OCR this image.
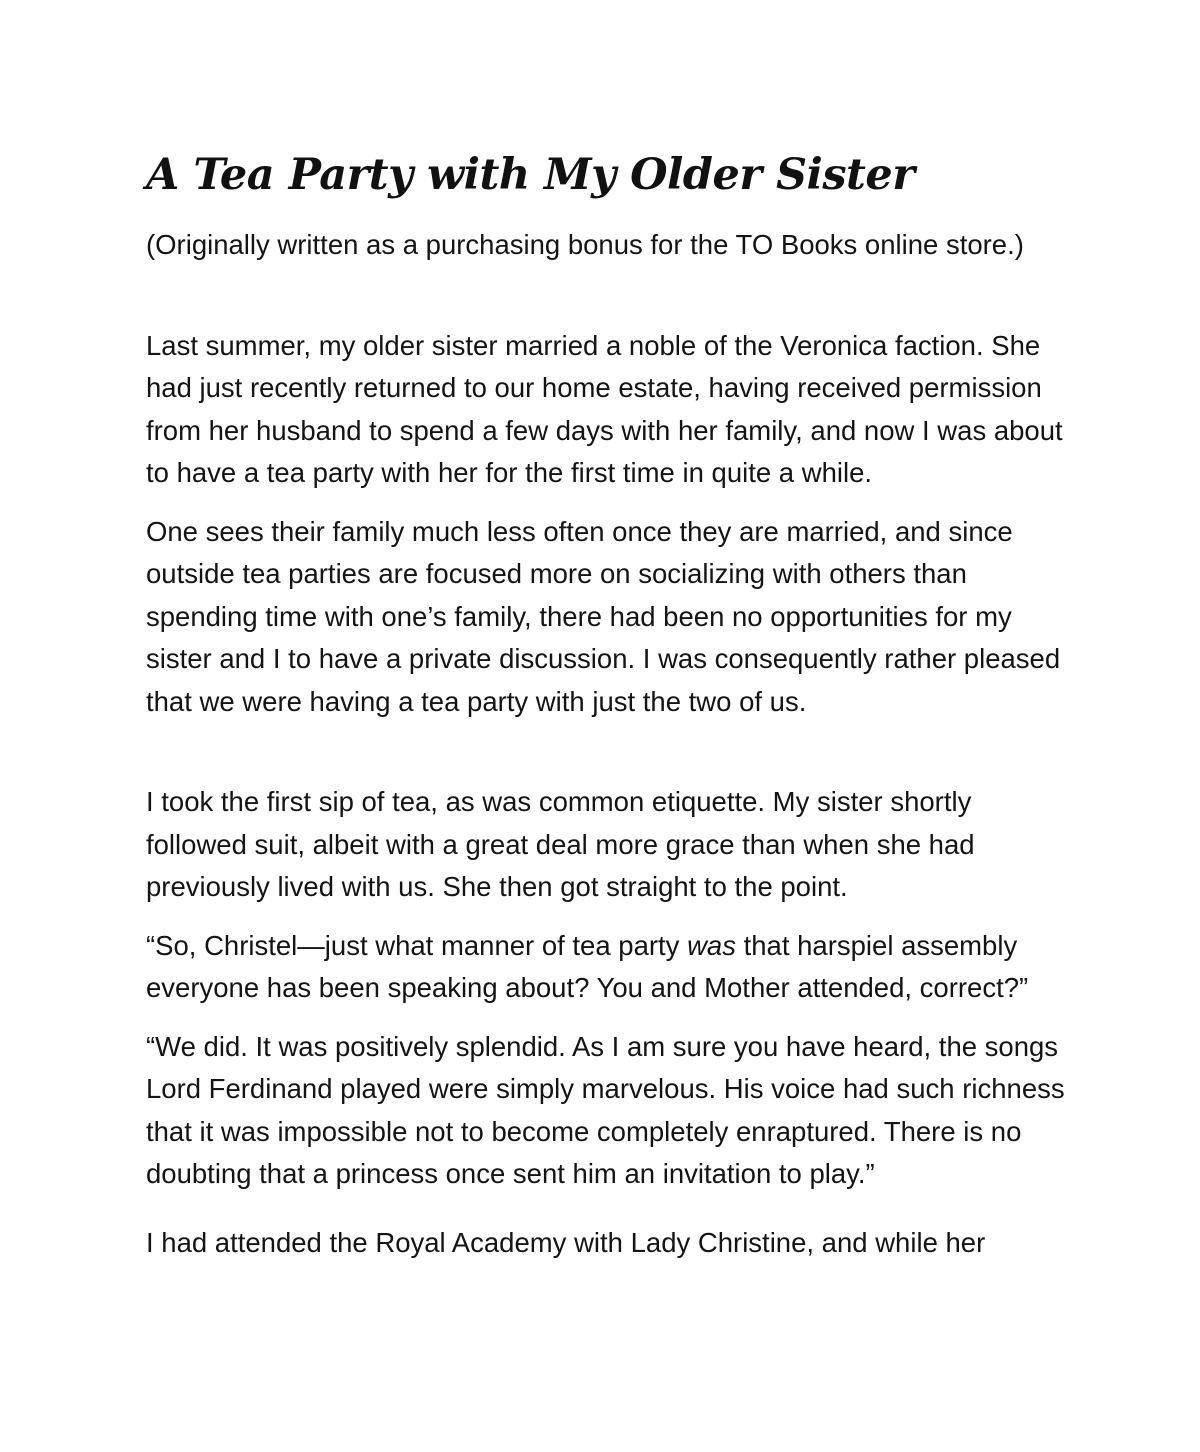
A Tea Party with My Older Sister

(Originally written as a purchasing bonus for the TO Books online store.)

Last summer, my older sister married a noble of the Veronica faction. She had just recently returned to our home estate, having received permission from her husband to spend a few days with her family, and now I was about to have a tea party with her for the first time in quite a while.

One sees their family much less often once they are married, and since outside tea parties are focused more on socializing with others than spending time with one’s family, there had been no opportunities for my sister and I to have a private discussion. I was consequently rather pleased that we were having a tea party with just the two of us.

I took the first sip of tea, as was common etiquette. My sister shortly followed suit, albeit with a great deal more grace than when she had previously lived with us. She then got straight to the point.

“So, Christel—just what manner of tea party was that harspiel assembly everyone has been speaking about? You and Mother attended, correct?”

“We did. It was positively splendid. As I am sure you have heard, the songs Lord Ferdinand played were simply marvelous. His voice had such richness that it was impossible not to become completely enraptured. There is no doubting that a princess once sent him an invitation to play.”

I had attended the Royal Academy with Lady Christine, and while her
